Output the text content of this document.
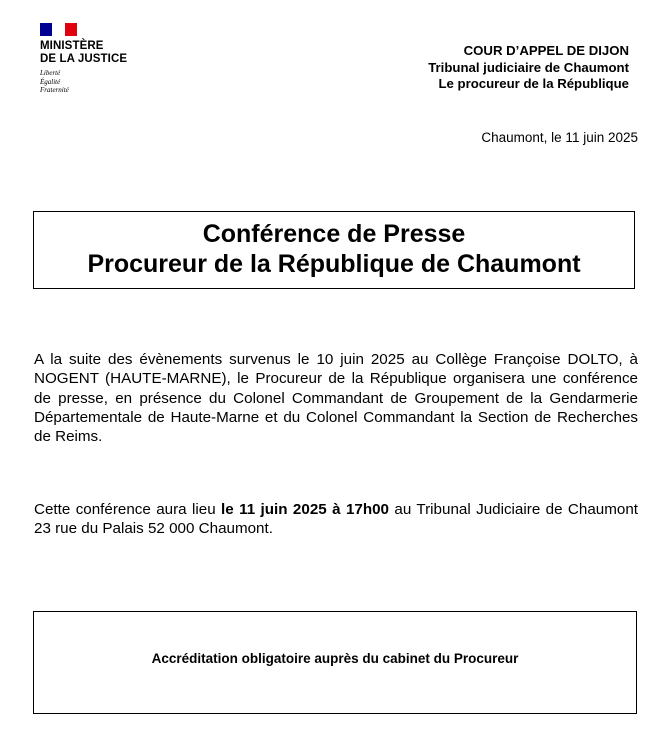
MINISTÈRE
DE LA JUSTICE
Liberté
Égalité
Fraternité
COUR D’APPEL DE DIJON
Tribunal judiciaire de Chaumont
Le procureur de la République
Chaumont, le 11 juin 2025
Conférence de Presse
Procureur de la République de Chaumont
A la suite des évènements survenus le 10 juin 2025 au Collège Françoise DOLTO, à NOGENT (HAUTE-MARNE), le Procureur de la République organisera une conférence de presse, en présence du Colonel Commandant de Groupement de la Gendarmerie Départementale de Haute-Marne et du Colonel Commandant la Section de Recherches de Reims.
Cette conférence aura lieu le 11 juin 2025 à 17h00 au Tribunal Judiciaire de Chaumont 23 rue du Palais 52 000 Chaumont.
Accréditation obligatoire auprès du cabinet du Procureur
